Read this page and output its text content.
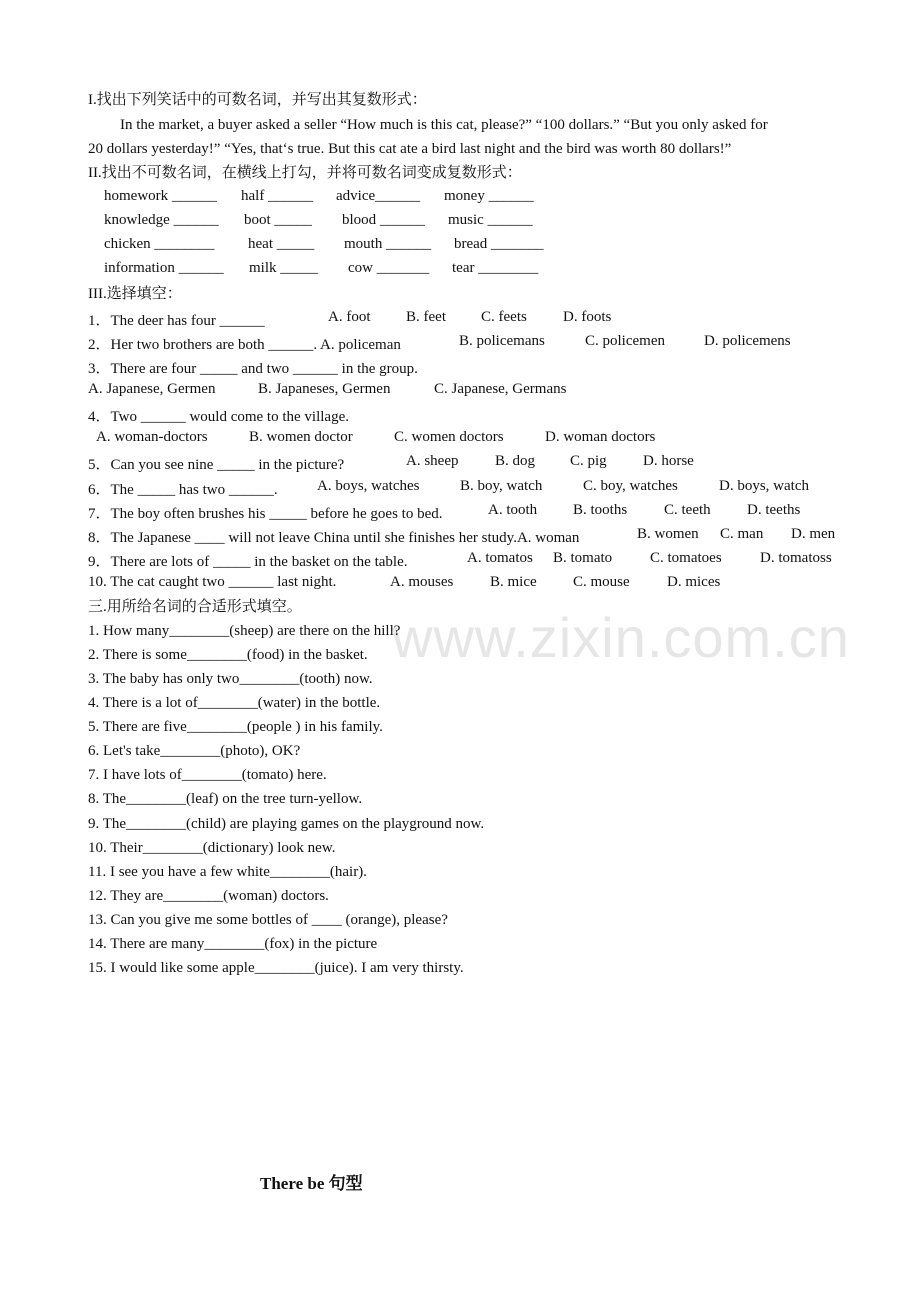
www.zixin.com.cn
I.找出下列笑话中的可数名词，并写出其复数形式：
In the market, a buyer asked a seller “How much is this cat, please?” “100 dollars.” “But you only asked for
20 dollars yesterday!” “Yes, that‘s true. But this cat ate a bird last night and the bird was worth 80 dollars!”
II.找出不可数名词，在横线上打勾，并将可数名词变成复数形式：
homework ______ half ______ advice______ money ______
knowledge ______ boot _____ blood ______ music ______
chicken ________ heat _____ mouth ______ bread _______
information ______ milk _____ cow _______ tear ________
III.选择填空：
1．The deer has four ______	A. foot B. feet C. feets D. foots
2．Her two brothers are both ______. A. policeman	B. policemans	C. policemen	D. policemens
3．There are four _____ and two ______ in the group.
A. Japanese, Germen	B. Japaneses, Germen	C. Japanese, Germans
4．Two ______ would come to the village.
A. woman-doctors	B. women doctor	C. women doctors	D. woman doctors
5．Can you see nine _____ in the picture?	A. sheep B. dog C. pig D. horse
6．The _____ has two ______.	A. boys, watches	B. boy, watch	C. boy, watches	D. boys, watch
7．The boy often brushes his _____ before he goes to bed.	A. tooth B. tooths C. teeth D. teeths
8．The Japanese ____ will not leave China until she finishes her study.A. woman	B. women C. man D. men
9．There are lots of _____ in the basket on the table.	A. tomatos B. tomato	C. tomatoes	D. tomatoss
10. The cat caught two ______ last night.	A. mouses B. mice C. mouse D. mices
三.用所给名词的合适形式填空。
1. How many________(sheep) are there on the hill?
2. There is some________(food) in the basket.
3. The baby has only two________(tooth) now.
4. There is a lot of________(water) in the bottle.
5. There are five________(people ) in his family.
6. Let's take________(photo), OK?
7. I have lots of________(tomato) here.
8. The________(leaf) on the tree turn-yellow.
9. The________(child) are playing games on the playground now.
10. Their________(dictionary) look new.
11. I see you have a few white________(hair).
12. They are________(woman) doctors.
13. Can you give me some bottles of ____ (orange), please?
14. There are many________(fox) in the picture
15. I would like some apple________(juice). I am very thirsty.
There be 句型
